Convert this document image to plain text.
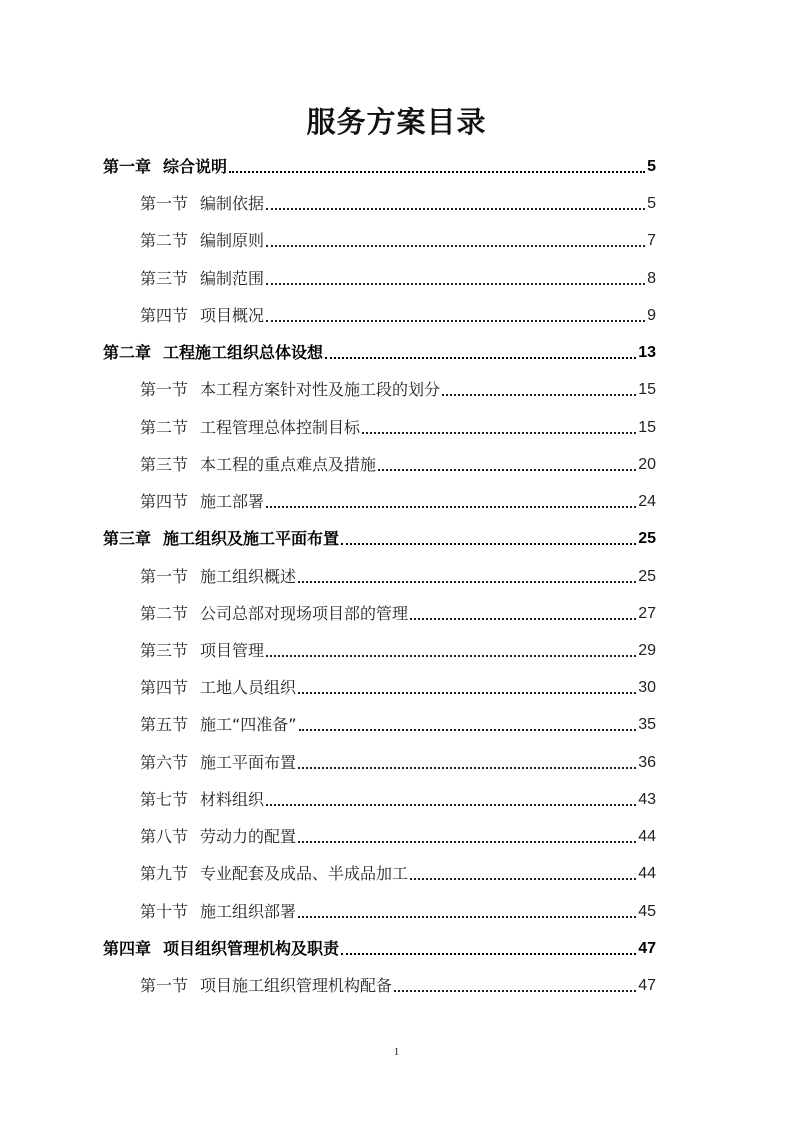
服务方案目录
第一章 综合说明	5
第一节 编制依据	5
第二节 编制原则	7
第三节 编制范围	8
第四节 项目概况	9
第二章 工程施工组织总体设想	13
第一节 本工程方案针对性及施工段的划分	15
第二节 工程管理总体控制目标	15
第三节 本工程的重点难点及措施	20
第四节 施工部署	24
第三章 施工组织及施工平面布置	25
第一节 施工组织概述	25
第二节 公司总部对现场项目部的管理	27
第三节 项目管理	29
第四节 工地人员组织	30
第五节 施工“四准备”	35
第六节 施工平面布置	36
第七节 材料组织	43
第八节 劳动力的配置	44
第九节 专业配套及成品、半成品加工	44
第十节 施工组织部署	45
第四章 项目组织管理机构及职责	47
第一节 项目施工组织管理机构配备	47
1
